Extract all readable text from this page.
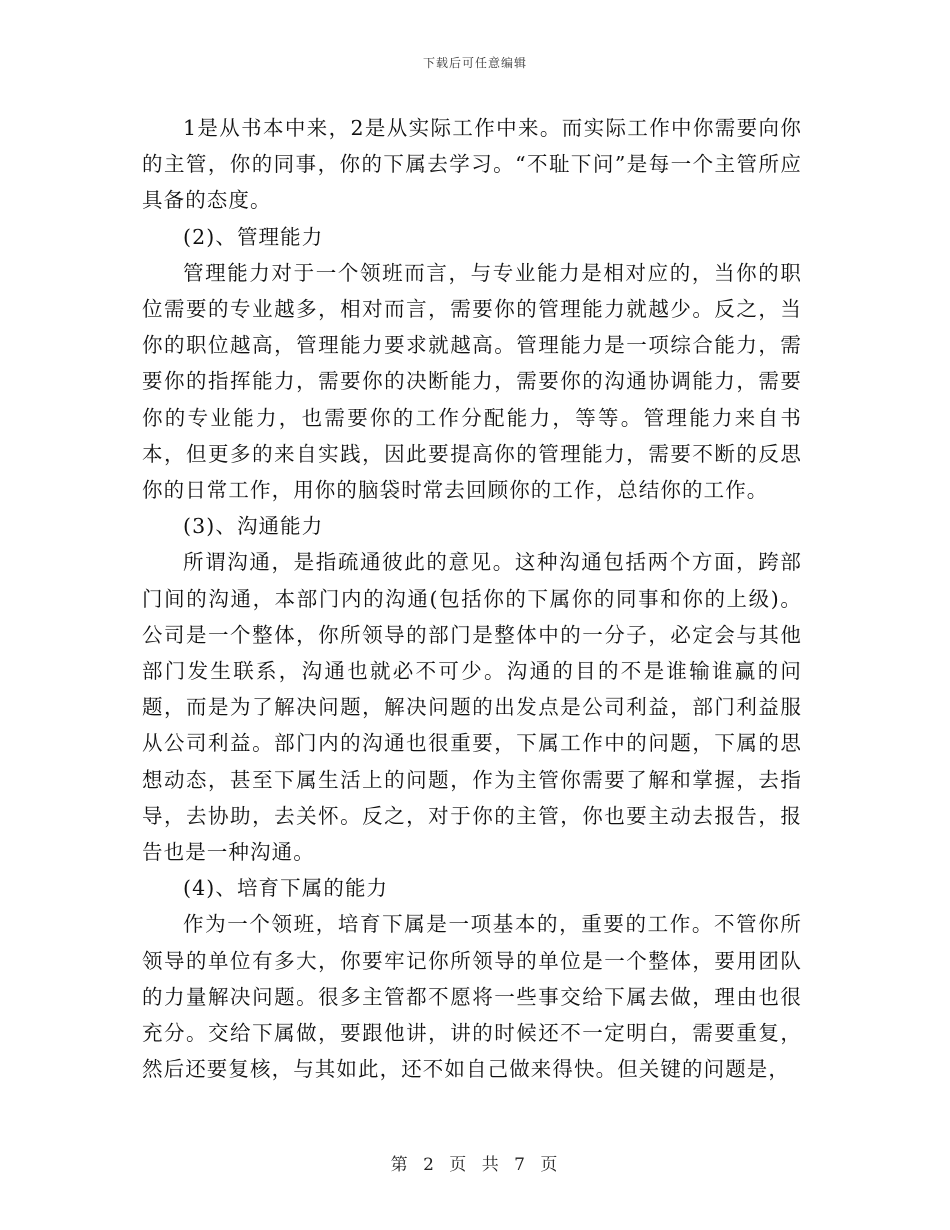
下载后可任意编辑

1是从书本中来，2是从实际工作中来。而实际工作中你需要向你的主管，你的同事，你的下属去学习。“不耻下问”是每一个主管所应具备的态度。

(2)、管理能力

管理能力对于一个领班而言，与专业能力是相对应的，当你的职位需要的专业越多，相对而言，需要你的管理能力就越少。反之，当你的职位越高，管理能力要求就越高。管理能力是一项综合能力，需要你的指挥能力，需要你的决断能力，需要你的沟通协调能力，需要你的专业能力，也需要你的工作分配能力，等等。管理能力来自书本，但更多的来自实践，因此要提高你的管理能力，需要不断的反思你的日常工作，用你的脑袋时常去回顾你的工作，总结你的工作。

(3)、沟通能力

所谓沟通，是指疏通彼此的意见。这种沟通包括两个方面，跨部门间的沟通，本部门内的沟通(包括你的下属你的同事和你的上级)。公司是一个整体，你所领导的部门是整体中的一分子，必定会与其他部门发生联系，沟通也就必不可少。沟通的目的不是谁输谁赢的问题，而是为了解决问题，解决问题的出发点是公司利益，部门利益服从公司利益。部门内的沟通也很重要，下属工作中的问题，下属的思想动态，甚至下属生活上的问题，作为主管你需要了解和掌握，去指导，去协助，去关怀。反之，对于你的主管，你也要主动去报告，报告也是一种沟通。

(4)、培育下属的能力

作为一个领班，培育下属是一项基本的，重要的工作。不管你所领导的单位有多大，你要牢记你所领导的单位是一个整体，要用团队的力量解决问题。很多主管都不愿将一些事交给下属去做，理由也很充分。交给下属做，要跟他讲，讲的时候还不一定明白，需要重复，然后还要复核，与其如此，还不如自己做来得快。但关键的问题是，

第 2 页 共 7 页
